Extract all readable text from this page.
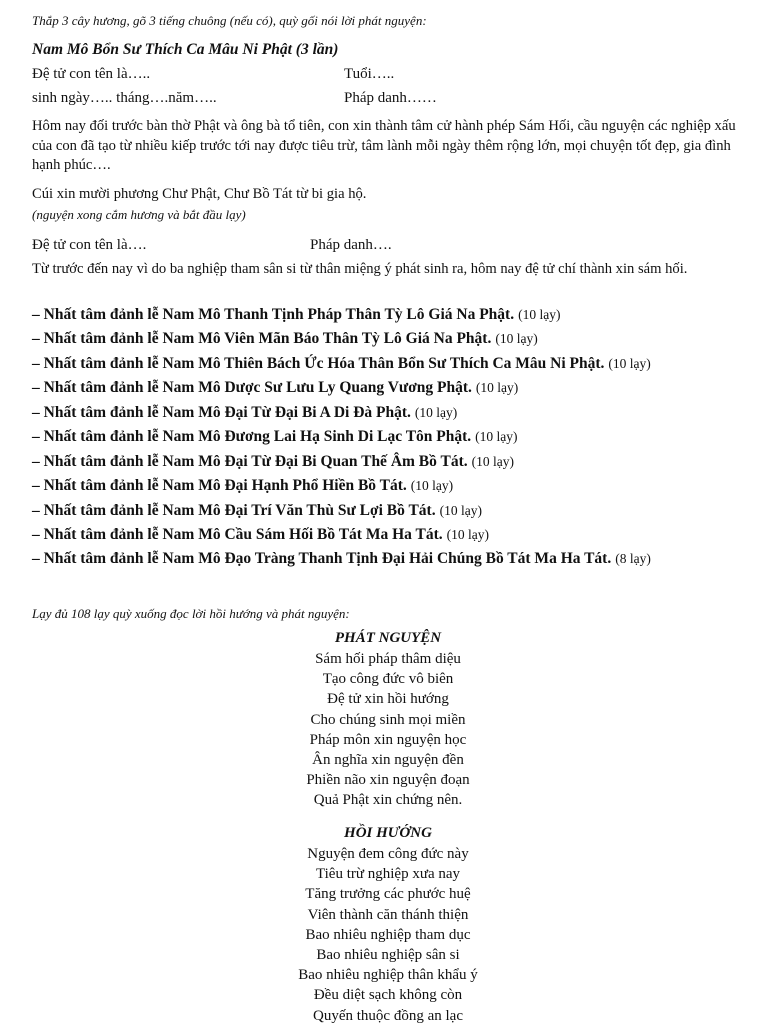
Thắp 3 cây hương, gõ 3 tiếng chuông (nếu có), quỳ gối nói lời phát nguyện:
Nam Mô Bổn Sư Thích Ca Mâu Ni Phật (3 lần)
Đệ tử con tên là…..	Tuổi…..
sinh ngày….. tháng….năm…..	Pháp danh……
Hôm nay đối trước bàn thờ Phật và ông bà tổ tiên, con xin thành tâm cử hành phép Sám Hối, cầu nguyện các nghiệp xấu của con đã tạo từ nhiều kiếp trước tới nay được tiêu trừ, tâm lành mỗi ngày thêm rộng lớn, mọi chuyện tốt đẹp, gia đình hạnh phúc….
Cúi xin mười phương Chư Phật, Chư Bồ Tát từ bi gia hộ.
(nguyện xong cắm hương và bắt đầu lạy)
Đệ tử con tên là….	Pháp danh….
Từ trước đến nay vì do ba nghiệp tham sân si từ thân miệng ý phát sinh ra, hôm nay đệ tử chí thành xin sám hối.
– Nhất tâm đảnh lễ Nam Mô Thanh Tịnh Pháp Thân Tỳ Lô Giá Na Phật. (10 lạy)
– Nhất tâm đảnh lễ Nam Mô Viên Mãn Báo Thân Tỳ Lô Giá Na Phật. (10 lạy)
– Nhất tâm đảnh lễ Nam Mô Thiên Bách Ức Hóa Thân Bổn Sư Thích Ca Mâu Ni Phật. (10 lạy)
– Nhất tâm đảnh lễ Nam Mô Dược Sư Lưu Ly Quang Vương Phật. (10 lạy)
– Nhất tâm đảnh lễ Nam Mô Đại Từ Đại Bi A Di Đà Phật. (10 lạy)
– Nhất tâm đảnh lễ Nam Mô Đương Lai Hạ Sinh Di Lạc Tôn Phật. (10 lạy)
– Nhất tâm đảnh lễ Nam Mô Đại Từ Đại Bi Quan Thế Âm Bồ Tát. (10 lạy)
– Nhất tâm đảnh lễ Nam Mô Đại Hạnh Phổ Hiền Bồ Tát. (10 lạy)
– Nhất tâm đảnh lễ Nam Mô Đại Trí Văn Thù Sư Lợi Bồ Tát. (10 lạy)
– Nhất tâm đảnh lễ Nam Mô Cầu Sám Hối Bồ Tát Ma Ha Tát. (10 lạy)
– Nhất tâm đảnh lễ Nam Mô Đạo Tràng Thanh Tịnh Đại Hải Chúng Bồ Tát Ma Ha Tát. (8 lạy)
Lạy đủ 108 lạy quỳ xuống đọc lời hồi hướng và phát nguyện:
PHÁT NGUYỆN
Sám hối pháp thâm diệu
Tạo công đức vô biên
Đệ tử xin hồi hướng
Cho chúng sinh mọi miền
Pháp môn xin nguyện học
Ân nghĩa xin nguyện đền
Phiền não xin nguyện đoạn
Quả Phật xin chứng nên.
HỒI HƯỚNG
Nguyện đem công đức này
Tiêu trừ nghiệp xưa nay
Tăng trưởng các phước huệ
Viên thành căn thánh thiện
Bao nhiêu nghiệp tham dục
Bao nhiêu nghiệp sân si
Bao nhiêu nghiệp thân khẩu ý
Đều diệt sạch không còn
Quyến thuộc đồng an lạc
